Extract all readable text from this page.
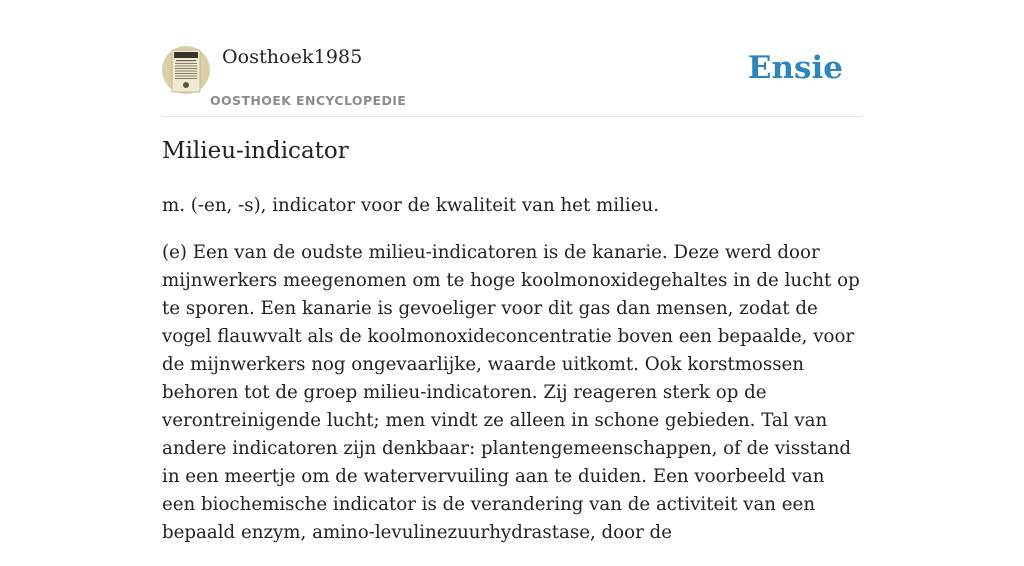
Oosthoek1985
OOSTHOEK ENCYCLOPEDIE
Ensie
Milieu-indicator

m. (-en, -s), indicator voor de kwaliteit van het milieu.

(e) Een van de oudste milieu-indicatoren is de kanarie. Deze werd door mijnwerkers meegenomen om te hoge koolmonoxidegehaltes in de lucht op te sporen. Een kanarie is gevoeliger voor dit gas dan mensen, zodat de vogel flauwvalt als de koolmonoxideconcentratie boven een bepaalde, voor de mijnwerkers nog ongevaarlijke, waarde uitkomt. Ook korstmossen behoren tot de groep milieu-indicatoren. Zij reageren sterk op de verontreinigende lucht; men vindt ze alleen in schone gebieden. Tal van andere indicatoren zijn denkbaar: plantengemeenschappen, of de visstand in een meertje om de watervervuiling aan te duiden. Een voorbeeld van een biochemische indicator is de verandering van de activiteit van een bepaald enzym, amino-levulinezuurhydrastase, door de
